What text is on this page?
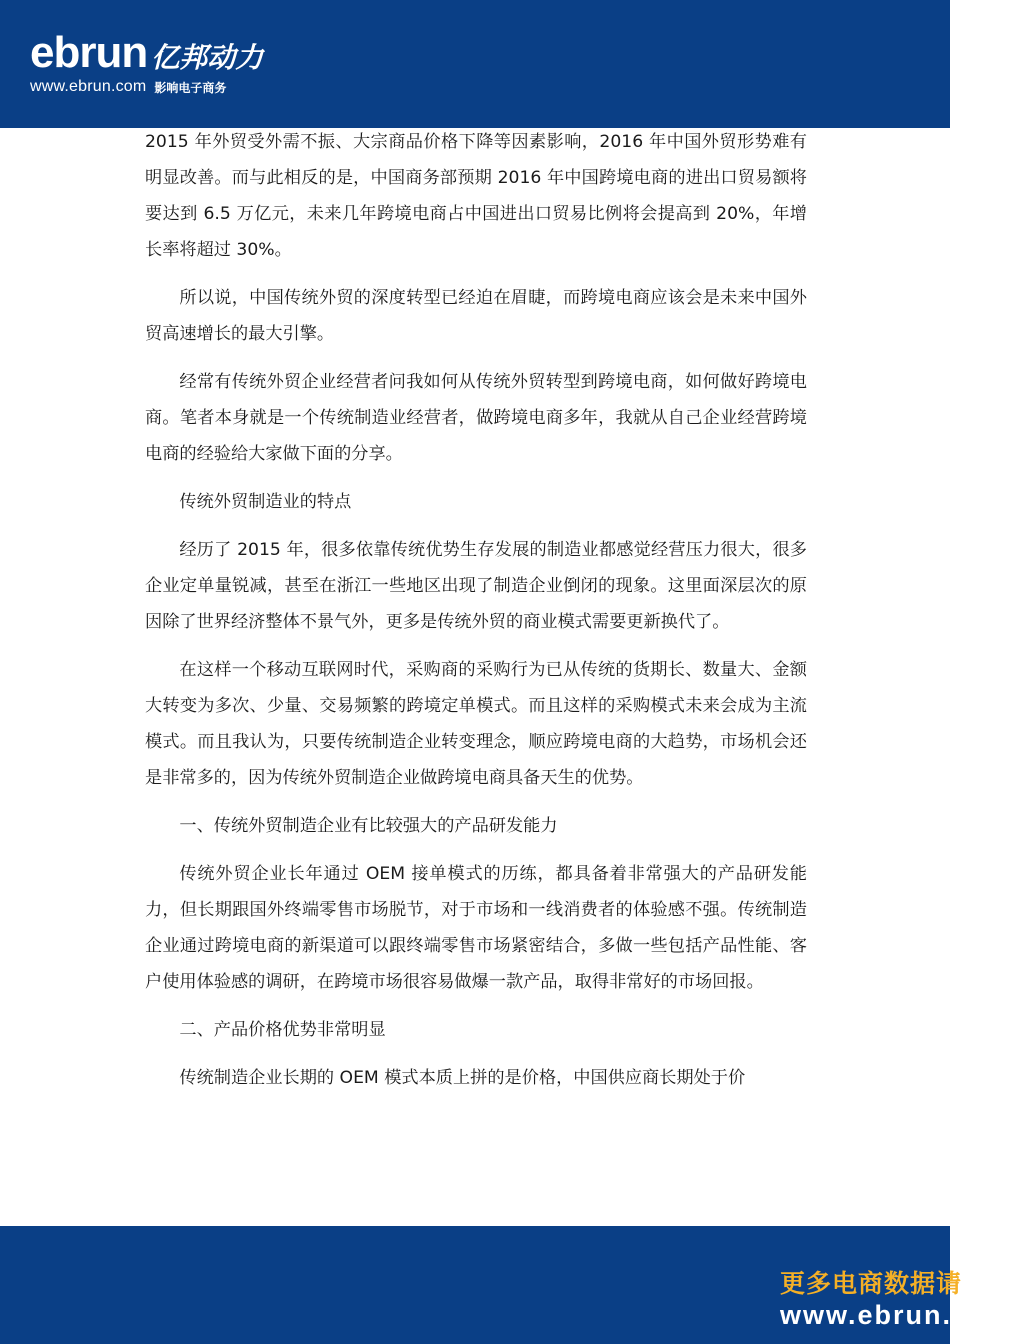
ebrun 亿邦动力
www.ebrun.com 影响电子商务

2015 年外贸受外需不振、大宗商品价格下降等因素影响，2016 年中国外贸形势难有明显改善。而与此相反的是，中国商务部预期 2016 年中国跨境电商的进出口贸易额将要达到 6.5 万亿元，未来几年跨境电商占中国进出口贸易比例将会提高到 20%，年增长率将超过 30%。

所以说，中国传统外贸的深度转型已经迫在眉睫，而跨境电商应该会是未来中国外贸高速增长的最大引擎。

经常有传统外贸企业经营者问我如何从传统外贸转型到跨境电商，如何做好跨境电商。笔者本身就是一个传统制造业经营者，做跨境电商多年，我就从自己企业经营跨境电商的经验给大家做下面的分享。

传统外贸制造业的特点

经历了 2015 年，很多依靠传统优势生存发展的制造业都感觉经营压力很大，很多企业定单量锐减，甚至在浙江一些地区出现了制造企业倒闭的现象。这里面深层次的原因除了世界经济整体不景气外，更多是传统外贸的商业模式需要更新换代了。

在这样一个移动互联网时代，采购商的采购行为已从传统的货期长、数量大、金额大转变为多次、少量、交易频繁的跨境定单模式。而且这样的采购模式未来会成为主流模式。而且我认为，只要传统制造企业转变理念，顺应跨境电商的大趋势，市场机会还是非常多的，因为传统外贸制造企业做跨境电商具备天生的优势。

一、传统外贸制造企业有比较强大的产品研发能力

传统外贸企业长年通过 OEM 接单模式的历练，都具备着非常强大的产品研发能力，但长期跟国外终端零售市场脱节，对于市场和一线消费者的体验感不强。传统制造企业通过跨境电商的新渠道可以跟终端零售市场紧密结合，多做一些包括产品性能、客户使用体验感的调研，在跨境市场很容易做爆一款产品，取得非常好的市场回报。

二、产品价格优势非常明显

传统制造企业长期的 OEM 模式本质上拼的是价格，中国供应商长期处于价

更多电商数据请
www.ebrun.com
